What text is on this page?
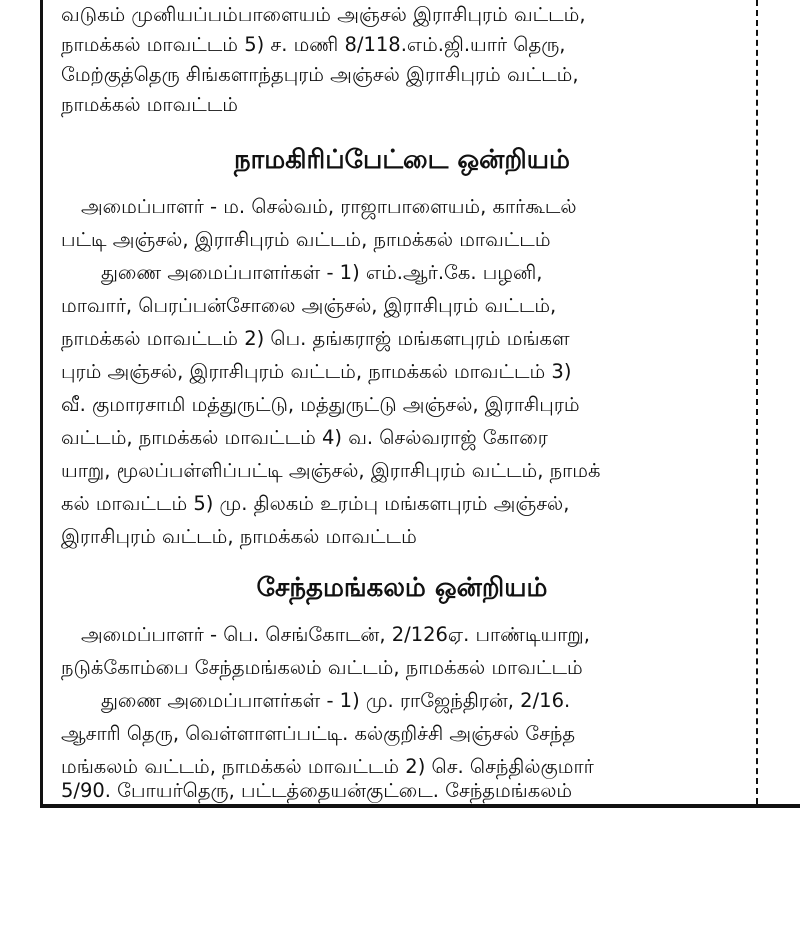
வடுகம் முனியப்பம்பாளையம் அஞ்சல் இராசிபுரம் வட்டம்,
நாமக்கல் மாவட்டம் 5) ச. மணி 8/118.எம்.ஜி.யார் தெரு,
மேற்குத்தெரு சிங்களாந்தபுரம் அஞ்சல் இராசிபுரம் வட்டம்,
நாமக்கல் மாவட்டம்
நாமகிரிப்பேட்டை ஒன்றியம்
அமைப்பாளர் - ம. செல்வம், ராஜாபாளையம், கார்கூடல்
பட்டி அஞ்சல், இராசிபுரம் வட்டம், நாமக்கல் மாவட்டம்
துணை அமைப்பாளர்கள் - 1) எம்.ஆர்.கே. பழனி,
மாவார், பெரப்பன்சோலை அஞ்சல், இராசிபுரம் வட்டம்,
நாமக்கல் மாவட்டம் 2) பெ. தங்கராஜ் மங்களபுரம் மங்கள
புரம் அஞ்சல், இராசிபுரம் வட்டம், நாமக்கல் மாவட்டம் 3)
வீ. குமாரசாமி மத்துருட்டு, மத்துருட்டு அஞ்சல், இராசிபுரம்
வட்டம், நாமக்கல் மாவட்டம் 4) வ. செல்வராஜ் கோரை
யாறு, மூலப்பள்ளிப்பட்டி அஞ்சல், இராசிபுரம் வட்டம், நாமக்
கல் மாவட்டம் 5) மு. திலகம் உரம்பு மங்களபுரம் அஞ்சல்,
இராசிபுரம் வட்டம், நாமக்கல் மாவட்டம்
சேந்தமங்கலம் ஒன்றியம்
அமைப்பாளர் - பெ. செங்கோடன், 2/126ஏ. பாண்டியாறு,
நடுக்கோம்பை சேந்தமங்கலம் வட்டம், நாமக்கல் மாவட்டம்
துணை அமைப்பாளர்கள் - 1) மு. ராஜேந்திரன், 2/16.
ஆசாரி தெரு, வெள்ளாளப்பட்டி. கல்குறிச்சி அஞ்சல் சேந்த
மங்கலம் வட்டம், நாமக்கல் மாவட்டம் 2) செ. செந்தில்குமார்
5/90. போயர்தெரு, பட்டத்தையன்குட்டை. சேந்தமங்கலம்
